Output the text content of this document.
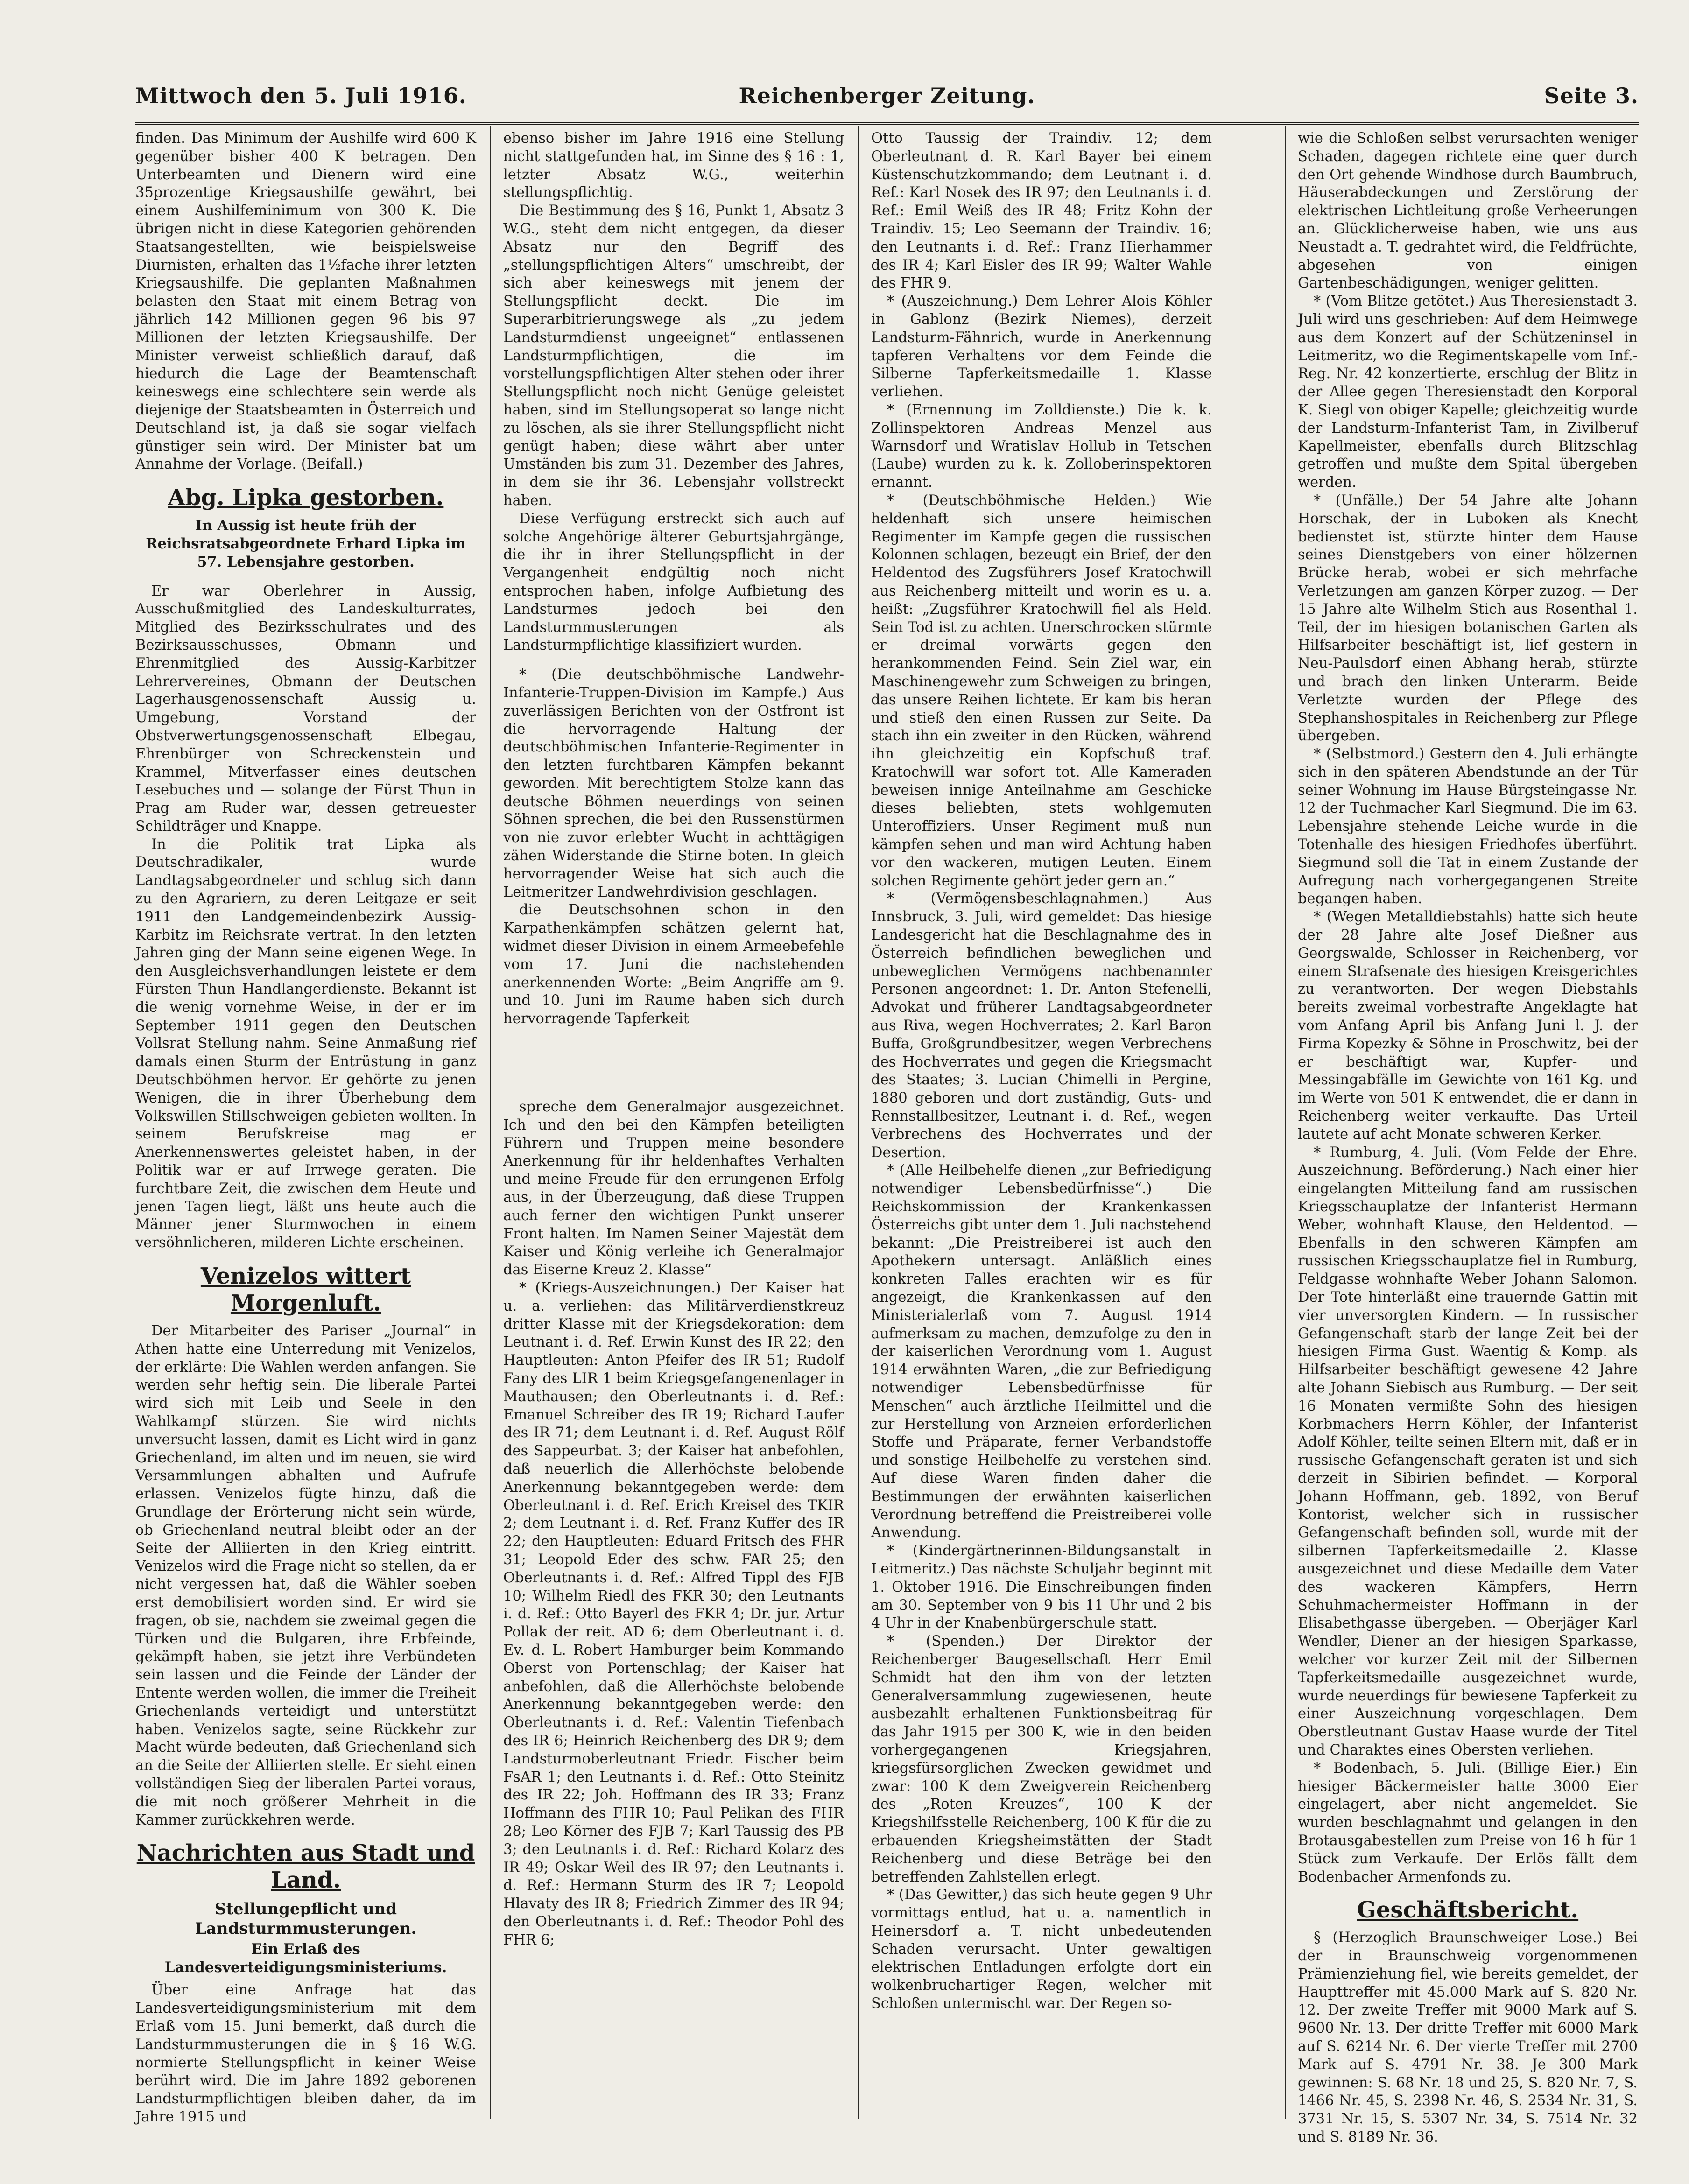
Mittwoch den 5. Juli 1916.	Reichenberger Zeitung.	Seite 3.

finden. Das Minimum der Aushilfe wird 600 K gegenüber bisher 400 K betragen. Den Unterbeamten und Dienern wird eine 35prozentige Kriegsaushilfe gewährt, bei einem Aushilfeminimum von 300 K. Die übrigen nicht in diese Kategorien gehörenden Staatsangestellten, wie beispielsweise Diurnisten, erhalten das 1½fache ihrer letzten Kriegsaushilfe. Die geplanten Maßnahmen belasten den Staat mit einem Betrag von jährlich 142 Millionen gegen 96 bis 97 Millionen der letzten Kriegsaushilfe. Der Minister verweist schließlich darauf, daß hiedurch die Lage der Beamtenschaft keineswegs eine schlechtere sein werde als diejenige der Staatsbeamten in Österreich und Deutschland ist, ja daß sie sogar vielfach günstiger sein wird. Der Minister bat um Annahme der Vorlage. (Beifall.)

Abg. Lipka gestorben.

In Aussig ist heute früh der Reichsratsabgeordnete Erhard Lipka im 57. Lebensjahre gestorben.

Er war Oberlehrer in Aussig, Ausschußmitglied des Landeskulturrates, Mitglied des Bezirksschulrates und des Bezirksausschusses, Obmann und Ehrenmitglied des Aussig-Karbitzer Lehrervereines, Obmann der Deutschen Lagerhausgenossenschaft Aussig u. Umgebung, Vorstand der Obstverwertungsgenossenschaft Elbegau, Ehrenbürger von Schreckenstein und Krammel, Mitverfasser eines deutschen Lesebuches und — solange der Fürst Thun in Prag am Ruder war, dessen getreuester Schildträger und Knappe.

In die Politik trat Lipka als Deutschradikaler, wurde Landtagsabgeordneter und schlug sich dann zu den Agrariern, zu deren Leitgaze er seit 1911 den Landgemeindenbezirk Aussig-Karbitz im Reichsrate vertrat. In den letzten Jahren ging der Mann seine eigenen Wege. In den Ausgleichsverhandlungen leistete er dem Fürsten Thun Handlangerdienste. Bekannt ist die wenig vornehme Weise, in der er im September 1911 gegen den Deutschen Vollsrat Stellung nahm. Seine Anmaßung rief damals einen Sturm der Entrüstung in ganz Deutschböhmen hervor. Er gehörte zu jenen Wenigen, die in ihrer Überhebung dem Volkswillen Stillschweigen gebieten wollten. In seinem Berufskreise mag er Anerkennenswertes geleistet haben, in der Politik war er auf Irrwege geraten. Die furchtbare Zeit, die zwischen dem Heute und jenen Tagen liegt, läßt uns heute auch die Männer jener Sturmwochen in einem versöhnlicheren, milderen Lichte erscheinen.

Venizelos wittert Morgenluft.

Der Mitarbeiter des Pariser „Journal“ in Athen hatte eine Unterredung mit Venizelos, der erklärte: Die Wahlen werden anfangen. Sie werden sehr heftig sein. Die liberale Partei wird sich mit Leib und Seele in den Wahlkampf stürzen. Sie wird nichts unversucht lassen, damit es Licht wird in ganz Griechenland, im alten und im neuen, sie wird Versammlungen abhalten und Aufrufe erlassen. Venizelos fügte hinzu, daß die Grundlage der Erörterung nicht sein würde, ob Griechenland neutral bleibt oder an der Seite der Alliierten in den Krieg eintritt. Venizelos wird die Frage nicht so stellen, da er nicht vergessen hat, daß die Wähler soeben erst demobilisiert worden sind. Er wird sie fragen, ob sie, nachdem sie zweimal gegen die Türken und die Bulgaren, ihre Erbfeinde, gekämpft haben, sie jetzt ihre Verbündeten sein lassen und die Feinde der Länder der Entente werden wollen, die immer die Freiheit Griechenlands verteidigt und unterstützt haben. Venizelos sagte, seine Rückkehr zur Macht würde bedeuten, daß Griechenland sich an die Seite der Alliierten stelle. Er sieht einen vollständigen Sieg der liberalen Partei voraus, die mit noch größerer Mehrheit in die Kammer zurückkehren werde.

Nachrichten aus Stadt und Land.
Stellungepflicht und Landsturmmusterungen.
Ein Erlaß des Landesverteidigungsministeriums.

Über eine Anfrage hat das Landesverteidigungsministerium mit dem Erlaß vom 15. Juni bemerkt, daß durch die Landsturmmusterungen die in § 16 W.G. normierte Stellungspflicht in keiner Weise berührt wird. Die im Jahre 1892 geborenen Landsturmpflichtigen bleiben daher, da im Jahre 1915 und

ebenso bisher im Jahre 1916 eine Stellung nicht stattgefunden hat, im Sinne des § 16 : 1, letzter Absatz W.G., weiterhin stellungspflichtig.

Die Bestimmung des § 16, Punkt 1, Absatz 3 W.G., steht dem nicht entgegen, da dieser Absatz nur den Begriff des „stellungspflichtigen Alters“ umschreibt, der sich aber keineswegs mit jenem der Stellungspflicht deckt. Die im Superarbitrierungswege als „zu jedem Landsturmdienst ungeeignet“ entlassenen Landsturmpflichtigen, die im vorstellungspflichtigen Alter stehen oder ihrer Stellungspflicht noch nicht Genüge geleistet haben, sind im Stellungsoperat so lange nicht zu löschen, als sie ihrer Stellungspflicht nicht genügt haben; diese währt aber unter Umständen bis zum 31. Dezember des Jahres, in dem sie ihr 36. Lebensjahr vollstreckt haben.

Diese Verfügung erstreckt sich auch auf solche Angehörige älterer Geburtsjahrgänge, die ihr in ihrer Stellungspflicht in der Vergangenheit endgültig noch nicht entsprochen haben, infolge Aufbietung des Landsturmes jedoch bei den Landsturmmusterungen als Landsturmpflichtige klassifiziert wurden.

* (Die deutschböhmische Landwehr-Infanterie-Truppen-Division im Kampfe.) Aus zuverlässigen Berichten von der Ostfront ist die hervorragende Haltung der deutschböhmischen Infanterie-Regimenter in den letzten furchtbaren Kämpfen bekannt geworden. Mit berechtigtem Stolze kann das deutsche Böhmen neuerdings von seinen Söhnen sprechen, die bei den Russenstürmen von nie zuvor erlebter Wucht in achttägigen zähen Widerstande die Stirne boten. In gleich hervorragender Weise hat sich auch die Leitmeritzer Landwehrdivision geschlagen.

die Deutschsohnen schon in den Karpathenkämpfen schätzen gelernt hat, widmet dieser Division in einem Armeebefehle vom 17. Juni die nachstehenden anerkennenden Worte: „Beim Angriffe am 9. und 10. Juni im Raume haben sich durch hervorragende Tapferkeit

spreche dem Generalmajor ausgezeichnet. Ich und den bei den Kämpfen beteiligten Führern und Truppen meine besondere Anerkennung für ihr heldenhaftes Verhalten und meine Freude für den errungenen Erfolg aus, in der Überzeugung, daß diese Truppen auch ferner den wichtigen Punkt unserer Front halten. Im Namen Seiner Majestät dem Kaiser und König verleihe ich Generalmajor das Eiserne Kreuz 2. Klasse“

* (Kriegs-Auszeichnungen.) Der Kaiser hat u. a. verliehen: das Militärverdienstkreuz dritter Klasse mit der Kriegsdekoration: dem Leutnant i. d. Ref. Erwin Kunst des IR 22; den Hauptleuten: Anton Pfeifer des IR 51; Rudolf Fany des LIR 1 beim Kriegsgefangenenlager in Mauthausen; den Oberleutnants i. d. Ref.: Emanuel Schreiber des IR 19; Richard Laufer des IR 71; dem Leutnant i. d. Ref. August Rölf des Sappeurbat. 3; der Kaiser hat anbefohlen, daß neuerlich die Allerhöchste belobende Anerkennung bekanntgegeben werde: dem Oberleutnant i. d. Ref. Erich Kreisel des TKIR 2; dem Leutnant i. d. Ref. Franz Kuffer des IR 22; den Hauptleuten: Eduard Fritsch des FHR 31; Leopold Eder des schw. FAR 25; den Oberleutnants i. d. Ref.: Alfred Tippl des FJB 10; Wilhelm Riedl des FKR 30; den Leutnants i. d. Ref.: Otto Bayerl des FKR 4; Dr. jur. Artur Pollak der reit. AD 6; dem Oberleutnant i. d. Ev. d. L. Robert Hamburger beim Kommando Oberst von Portenschlag; der Kaiser hat anbefohlen, daß die Allerhöchste belobende Anerkennung bekanntgegeben werde: den Oberleutnants i. d. Ref.: Valentin Tiefenbach des IR 6; Heinrich Reichenberg des DR 9; dem Landsturmoberleutnant Friedr. Fischer beim FsAR 1; den Leutnants i. d. Ref.: Otto Steinitz des IR 22; Joh. Hoffmann des IR 33; Franz Hoffmann des FHR 10; Paul Pelikan des FHR 28; Leo Körner des FJB 7; Karl Taussig des PB 3; den Leutnants i. d. Ref.: Richard Kolarz des IR 49; Oskar Weil des IR 97; den Leutnants i. d. Ref.: Hermann Sturm des IR 7; Leopold Hlavaty des IR 8; Friedrich Zimmer des IR 94; den Oberleutnants i. d. Ref.: Theodor Pohl des FHR 6;

Otto Taussig der Traindiv. 12; dem Oberleutnant d. R. Karl Bayer bei einem Küstenschutzkommando; dem Leutnant i. d. Ref.: Karl Nosek des IR 97; den Leutnants i. d. Ref.: Emil Weiß des IR 48; Fritz Kohn der Traindiv. 15; Leo Seemann der Traindiv. 16; den Leutnants i. d. Ref.: Franz Hierhammer des IR 4; Karl Eisler des IR 99; Walter Wahle des FHR 9.

* (Auszeichnung.) Dem Lehrer Alois Köhler in Gablonz (Bezirk Niemes), derzeit Landsturm-Fähnrich, wurde in Anerkennung tapferen Verhaltens vor dem Feinde die Silberne Tapferkeitsmedaille 1. Klasse verliehen.

* (Ernennung im Zolldienste.) Die k. k. Zollinspektoren Andreas Menzel aus Warnsdorf und Wratislav Hollub in Tetschen (Laube) wurden zu k. k. Zolloberinspektoren ernannt.

* (Deutschböhmische Helden.) Wie heldenhaft sich unsere heimischen Regimenter im Kampfe gegen die russischen Kolonnen schlagen, bezeugt ein Brief, der den Heldentod des Zugsführers Josef Kratochwill aus Reichenberg mitteilt und worin es u. a. heißt: „Zugsführer Kratochwill fiel als Held. Sein Tod ist zu achten. Unerschrocken stürmte er dreimal vorwärts gegen den herankommenden Feind. Sein Ziel war, ein Maschinengewehr zum Schweigen zu bringen, das unsere Reihen lichtete. Er kam bis heran und stieß den einen Russen zur Seite. Da stach ihn ein zweiter in den Rücken, während ihn gleichzeitig ein Kopfschuß traf. Kratochwill war sofort tot. Alle Kameraden beweisen innige Anteilnahme am Geschicke dieses beliebten, stets wohlgemuten Unteroffiziers. Unser Regiment muß nun kämpfen sehen und man wird Achtung haben vor den wackeren, mutigen Leuten. Einem solchen Regimente gehört jeder gern an.“

* (Vermögensbeschlagnahmen.) Aus Innsbruck, 3. Juli, wird gemeldet: Das hiesige Landesgericht hat die Beschlagnahme des in Österreich befindlichen beweglichen und unbeweglichen Vermögens nachbenannter Personen angeordnet: 1. Dr. Anton Stefenelli, Advokat und früherer Landtagsabgeordneter aus Riva, wegen Hochverrates; 2. Karl Baron Buffa, Großgrundbesitzer, wegen Verbrechens des Hochverrates und gegen die Kriegsmacht des Staates; 3. Lucian Chimelli in Pergine, 1880 geboren und dort zuständig, Guts- und Rennstallbesitzer, Leutnant i. d. Ref., wegen Verbrechens des Hochverrates und der Desertion.

* (Alle Heilbehelfe dienen „zur Befriedigung notwendiger Lebensbedürfnisse“.) Die Reichskommission der Krankenkassen Österreichs gibt unter dem 1. Juli nachstehend bekannt: „Die Preistreiberei ist auch den Apothekern untersagt. Anläßlich eines konkreten Falles erachten wir es für angezeigt, die Krankenkassen auf den Ministerialerlaß vom 7. August 1914 aufmerksam zu machen, demzufolge zu den in der kaiserlichen Verordnung vom 1. August 1914 erwähnten Waren, „die zur Befriedigung notwendiger Lebensbedürfnisse für Menschen“ auch ärztliche Heilmittel und die zur Herstellung von Arzneien erforderlichen Stoffe und Präparate, ferner Verbandstoffe und sonstige Heilbehelfe zu verstehen sind. Auf diese Waren finden daher die Bestimmungen der erwähnten kaiserlichen Verordnung betreffend die Preistreiberei volle Anwendung.

* (Kindergärtnerinnen-Bildungsanstalt in Leitmeritz.) Das nächste Schuljahr beginnt mit 1. Oktober 1916. Die Einschreibungen finden am 30. September von 9 bis 11 Uhr und 2 bis 4 Uhr in der Knabenbürgerschule statt.

* (Spenden.) Der Direktor der Reichenberger Baugesellschaft Herr Emil Schmidt hat den ihm von der letzten Generalversammlung zugewiesenen, heute ausbezahlt erhaltenen Funktionsbeitrag für das Jahr 1915 per 300 K, wie in den beiden vorhergegangenen Kriegsjahren, kriegsfürsorglichen Zwecken gewidmet und zwar: 100 K dem Zweigverein Reichenberg des „Roten Kreuzes“, 100 K der Kriegshilfsstelle Reichenberg, 100 K für die zu erbauenden Kriegsheimstätten der Stadt Reichenberg und diese Beträge bei den betreffenden Zahlstellen erlegt.

* (Das Gewitter,) das sich heute gegen 9 Uhr vormittags entlud, hat u. a. namentlich in Heinersdorf a. T. nicht unbedeutenden Schaden verursacht. Unter gewaltigen elektrischen Entladungen erfolgte dort ein wolkenbruchartiger Regen, welcher mit Schloßen untermischt war. Der Regen so-

wie die Schloßen selbst verursachten weniger Schaden, dagegen richtete eine quer durch den Ort gehende Windhose durch Baumbruch, Häuserabdeckungen und Zerstörung der elektrischen Lichtleitung große Verheerungen an. Glücklicherweise haben, wie uns aus Neustadt a. T. gedrahtet wird, die Feldfrüchte, abgesehen von einigen Gartenbeschädigungen, weniger gelitten.

* (Vom Blitze getötet.) Aus Theresienstadt 3. Juli wird uns geschrieben: Auf dem Heimwege aus dem Konzert auf der Schützeninsel in Leitmeritz, wo die Regimentskapelle vom Inf.-Reg. Nr. 42 konzertierte, erschlug der Blitz in der Allee gegen Theresienstadt den Korporal K. Siegl von obiger Kapelle; gleichzeitig wurde der Landsturm-Infanterist Tam, in Zivilberuf Kapellmeister, ebenfalls durch Blitzschlag getroffen und mußte dem Spital übergeben werden.

* (Unfälle.) Der 54 Jahre alte Johann Horschak, der in Luboken als Knecht bedienstet ist, stürzte hinter dem Hause seines Dienstgebers von einer hölzernen Brücke herab, wobei er sich mehrfache Verletzungen am ganzen Körper zuzog. — Der 15 Jahre alte Wilhelm Stich aus Rosenthal 1. Teil, der im hiesigen botanischen Garten als Hilfsarbeiter beschäftigt ist, lief gestern in Neu-Paulsdorf einen Abhang herab, stürzte und brach den linken Unterarm. Beide Verletzte wurden der Pflege des Stephanshospitales in Reichenberg zur Pflege übergeben.

* (Selbstmord.) Gestern den 4. Juli erhängte sich in den späteren Abendstunde an der Tür seiner Wohnung im Hause Bürgsteingasse Nr. 12 der Tuchmacher Karl Siegmund. Die im 63. Lebensjahre stehende Leiche wurde in die Totenhalle des hiesigen Friedhofes überführt. Siegmund soll die Tat in einem Zustande der Aufregung nach vorhergegangenen Streite begangen haben.

* (Wegen Metalldiebstahls) hatte sich heute der 28 Jahre alte Josef Dießner aus Georgswalde, Schlosser in Reichenberg, vor einem Strafsenate des hiesigen Kreisgerichtes zu verantworten. Der wegen Diebstahls bereits zweimal vorbestrafte Angeklagte hat vom Anfang April bis Anfang Juni l. J. der Firma Kopezky & Söhne in Proschwitz, bei der er beschäftigt war, Kupfer- und Messingabfälle im Gewichte von 161 Kg. und im Werte von 501 K entwendet, die er dann in Reichenberg weiter verkaufte. Das Urteil lautete auf acht Monate schweren Kerker.

* Rumburg, 4. Juli. (Vom Felde der Ehre. Auszeichnung. Beförderung.) Nach einer hier eingelangten Mitteilung fand am russischen Kriegsschauplatze der Infanterist Hermann Weber, wohnhaft Klause, den Heldentod. — Ebenfalls in den schweren Kämpfen am russischen Kriegsschauplatze fiel in Rumburg, Feldgasse wohnhafte Weber Johann Salomon. Der Tote hinterläßt eine trauernde Gattin mit vier unversorgten Kindern. — In russischer Gefangenschaft starb der lange Zeit bei der hiesigen Firma Gust. Waentig & Komp. als Hilfsarbeiter beschäftigt gewesene 42 Jahre alte Johann Siebisch aus Rumburg. — Der seit 16 Monaten vermißte Sohn des hiesigen Korbmachers Herrn Köhler, der Infanterist Adolf Köhler, teilte seinen Eltern mit, daß er in russische Gefangenschaft geraten ist und sich derzeit in Sibirien befindet. — Korporal Johann Hoffmann, geb. 1892, von Beruf Kontorist, welcher sich in russischer Gefangenschaft befinden soll, wurde mit der silbernen Tapferkeitsmedaille 2. Klasse ausgezeichnet und diese Medaille dem Vater des wackeren Kämpfers, Herrn Schuhmachermeister Hoffmann in der Elisabethgasse übergeben. — Oberjäger Karl Wendler, Diener an der hiesigen Sparkasse, welcher vor kurzer Zeit mit der Silbernen Tapferkeitsmedaille ausgezeichnet wurde, wurde neuerdings für bewiesene Tapferkeit zu einer Auszeichnung vorgeschlagen. Dem Oberstleutnant Gustav Haase wurde der Titel und Charaktes eines Obersten verliehen.

* Bodenbach, 5. Juli. (Billige Eier.) Ein hiesiger Bäckermeister hatte 3000 Eier eingelagert, aber nicht angemeldet. Sie wurden beschlagnahmt und gelangen in den Brotausgabestellen zum Preise von 16 h für 1 Stück zum Verkaufe. Der Erlös fällt dem Bodenbacher Armenfonds zu.

Geschäftsbericht.

§ (Herzoglich Braunschweiger Lose.) Bei der in Braunschweig vorgenommenen Prämienziehung fiel, wie bereits gemeldet, der Haupttreffer mit 45.000 Mark auf S. 820 Nr. 12. Der zweite Treffer mit 9000 Mark auf S. 9600 Nr. 13. Der dritte Treffer mit 6000 Mark auf S. 6214 Nr. 6. Der vierte Treffer mit 2700 Mark auf S. 4791 Nr. 38. Je 300 Mark gewinnen: S. 68 Nr. 18 und 25, S. 820 Nr. 7, S. 1466 Nr. 45, S. 2398 Nr. 46, S. 2534 Nr. 31, S. 3731 Nr. 15, S. 5307 Nr. 34, S. 7514 Nr. 32 und S. 8189 Nr. 36.
